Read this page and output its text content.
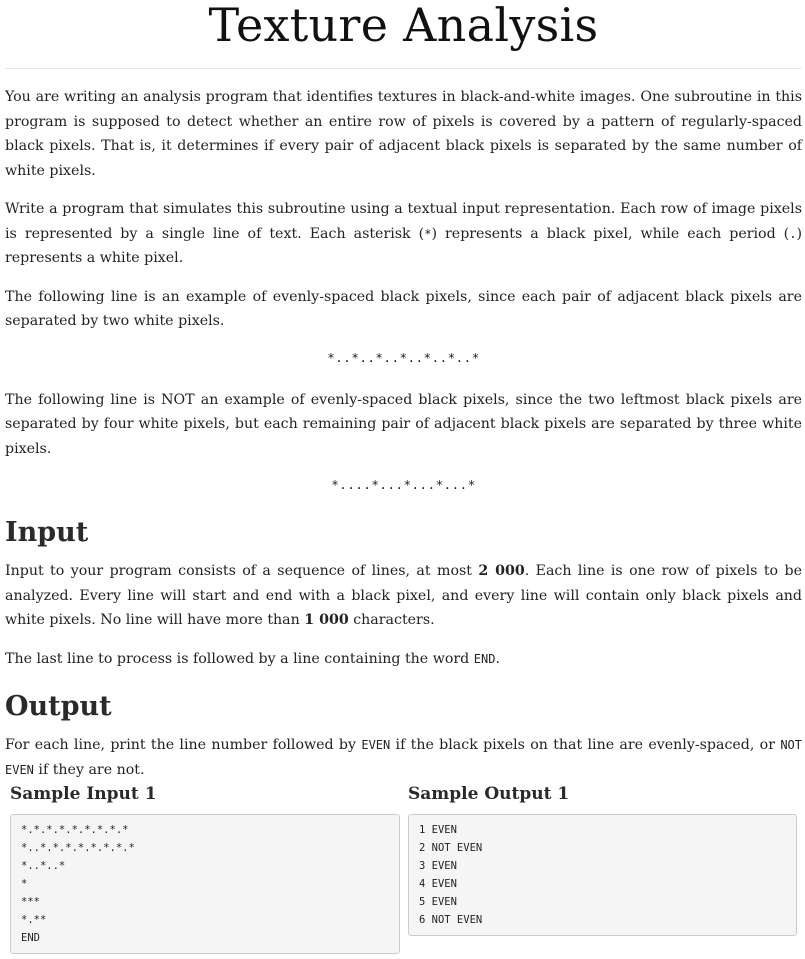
Texture Analysis

You are writing an analysis program that identifies textures in black-and-white images. One subroutine in this program is supposed to detect whether an entire row of pixels is covered by a pattern of regularly-spaced black pixels. That is, it determines if every pair of adjacent black pixels is separated by the same number of white pixels.

Write a program that simulates this subroutine using a textual input representation. Each row of image pixels is represented by a single line of text. Each asterisk (*) represents a black pixel, while each period (.) represents a white pixel.

The following line is an example of evenly-spaced black pixels, since each pair of adjacent black pixels are separated by two white pixels.

*..*..*..*..*..*..*

The following line is NOT an example of evenly-spaced black pixels, since the two leftmost black pixels are separated by four white pixels, but each remaining pair of adjacent black pixels are separated by three white pixels.

*....*...*...*...*
Input

Input to your program consists of a sequence of lines, at most 2 000. Each line is one row of pixels to be analyzed. Every line will start and end with a black pixel, and every line will contain only black pixels and white pixels. No line will have more than 1 000 characters.

The last line to process is followed by a line containing the word END.

Output

For each line, print the line number followed by EVEN if the black pixels on that line are evenly-spaced, or NOT EVEN if they are not.

Sample Input 1
*.*.*.*.*.*.*.*.*
*..*.*.*.*.*.*.*.*
*..*..*
*
***
*.**
END
Sample Output 1
1 EVEN
2 NOT EVEN
3 EVEN
4 EVEN
5 EVEN
6 NOT EVEN
